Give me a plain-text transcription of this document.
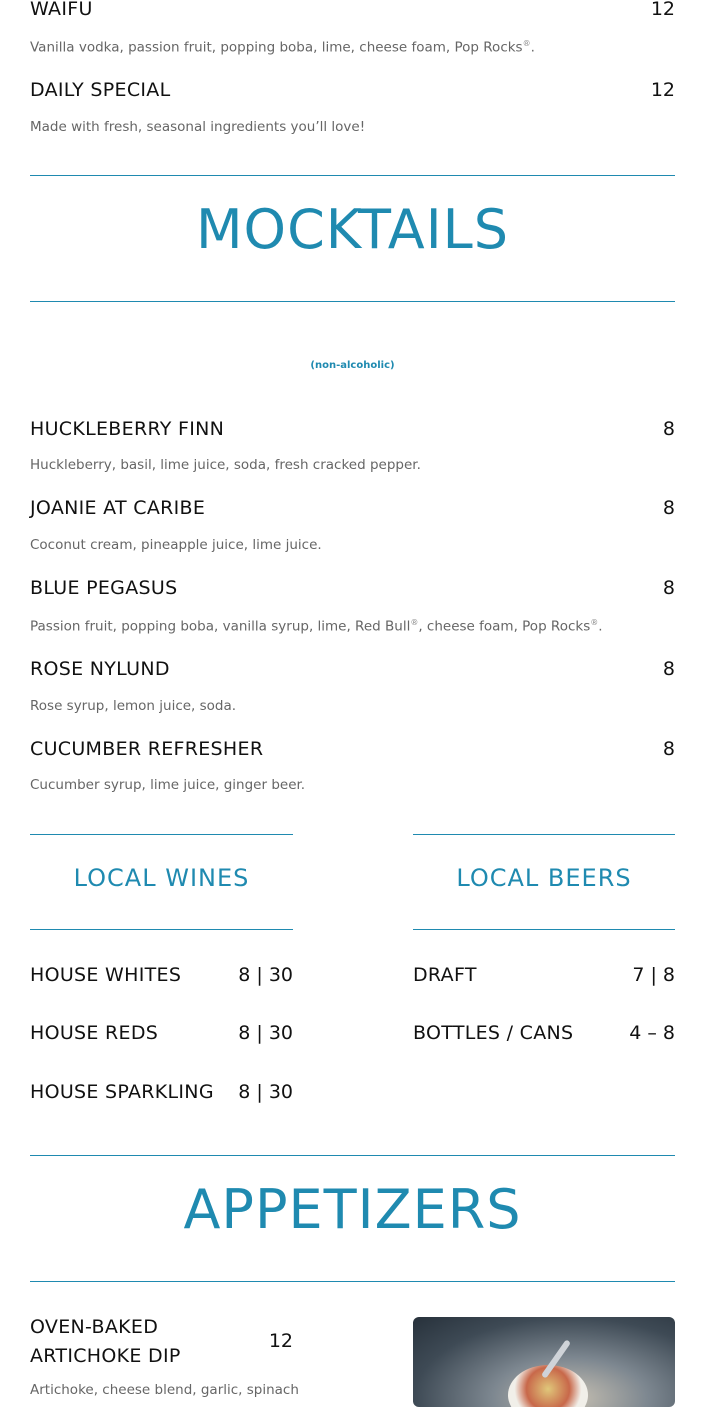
WAIFU	12
Vanilla vodka, passion fruit, popping boba, lime, cheese foam, Pop Rocks®.
DAILY SPECIAL	12
Made with fresh, seasonal ingredients you’ll love!
MOCKTAILS
(non-alcoholic)
HUCKLEBERRY FINN	8
Huckleberry, basil, lime juice, soda, fresh cracked pepper.
JOANIE AT CARIBE	8
Coconut cream, pineapple juice, lime juice.
BLUE PEGASUS	8
Passion fruit, popping boba, vanilla syrup, lime, Red Bull®, cheese foam, Pop Rocks®.
ROSE NYLUND	8
Rose syrup, lemon juice, soda.
CUCUMBER REFRESHER	8
Cucumber syrup, lime juice, ginger beer.
LOCAL WINES	LOCAL BEERS
HOUSE WHITES	8 | 30
HOUSE REDS	8 | 30
HOUSE SPARKLING	8 | 30
DRAFT	7 | 8
BOTTLES / CANS	4 – 8
APPETIZERS
OVEN-BAKED
ARTICHOKE DIP
12
Artichoke, cheese blend, garlic, spinach
